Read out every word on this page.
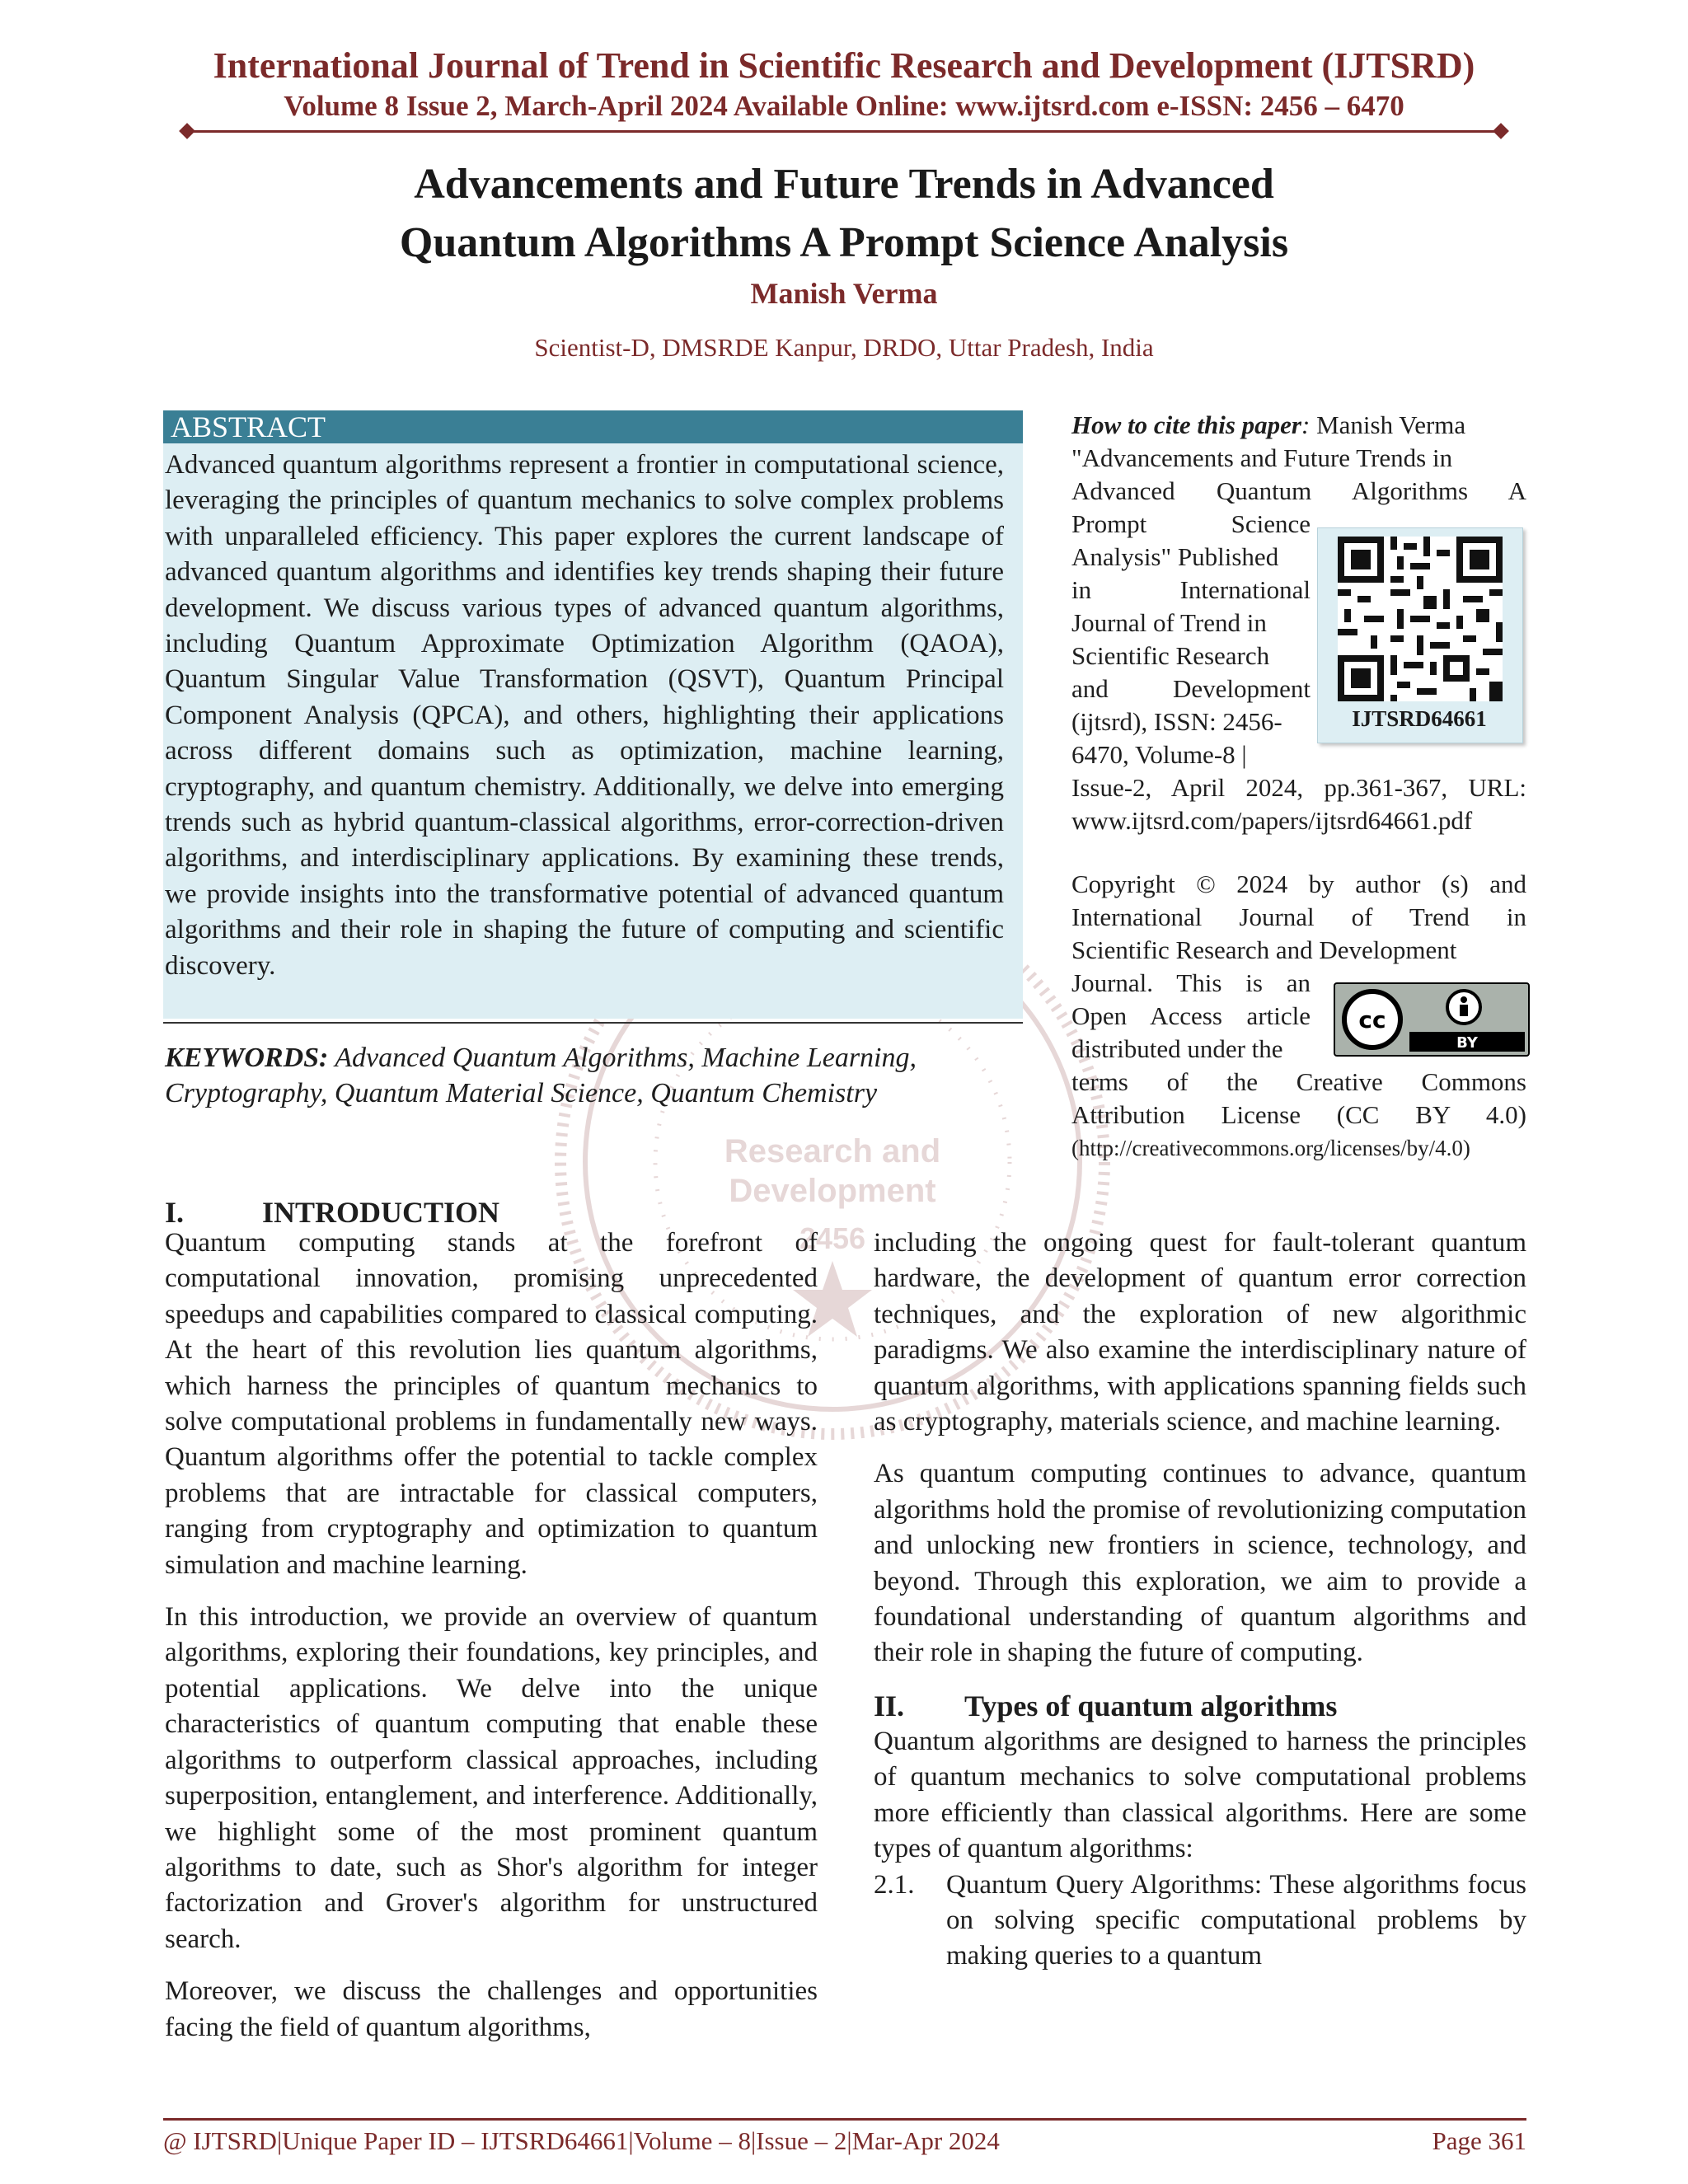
International Journal of Trend in Scientific Research and Development (IJTSRD)
Volume 8 Issue 2, March-April 2024 Available Online: www.ijtsrd.com e-ISSN: 2456 – 6470
Advancements and Future Trends in Advanced
Quantum Algorithms A Prompt Science Analysis
Manish Verma
Scientist-D, DMSRDE Kanpur, DRDO, Uttar Pradesh, India
Research and
Development
2456
ABSTRACT
Advanced quantum algorithms represent a frontier in computational science, leveraging the principles of quantum mechanics to solve complex problems with unparalleled efficiency. This paper explores the current landscape of advanced quantum algorithms and identifies key trends shaping their future development. We discuss various types of advanced quantum algorithms, including Quantum Approximate Optimization Algorithm (QAOA), Quantum Singular Value Transformation (QSVT), Quantum Principal Component Analysis (QPCA), and others, highlighting their applications across different domains such as optimization, machine learning, cryptography, and quantum chemistry. Additionally, we delve into emerging trends such as hybrid quantum-classical algorithms, error-correction-driven algorithms, and interdisciplinary applications. By examining these trends, we provide insights into the transformative potential of advanced quantum algorithms and their role in shaping the future of computing and scientific discovery.
KEYWORDS: Advanced Quantum Algorithms, Machine Learning, Cryptography, Quantum Material Science, Quantum Chemistry
How to cite this paper: Manish Verma
"Advancements and Future Trends in
Advanced Quantum Algorithms A
Prompt Science
Analysis" Published
in International
Journal of Trend in
Scientific Research
and Development
(ijtsrd), ISSN: 2456-
6470, Volume-8 |
Issue-2, April 2024, pp.361-367, URL: www.ijtsrd.com/papers/ijtsrd64661.pdf
IJTSRD64661
Copyright © 2024 by author (s) and
International Journal of Trend in
Scientific Research and Development
Journal. This is an
Open Access article
distributed under the
terms of the Creative Commons
Attribution License (CC BY 4.0)
(http://creativecommons.org/licenses/by/4.0)
cc
BY
I.	INTRODUCTION

Quantum computing stands at the forefront of computational innovation, promising unprecedented speedups and capabilities compared to classical computing. At the heart of this revolution lies quantum algorithms, which harness the principles of quantum mechanics to solve computational problems in fundamentally new ways. Quantum algorithms offer the potential to tackle complex problems that are intractable for classical computers, ranging from cryptography and optimization to quantum simulation and machine learning.

In this introduction, we provide an overview of quantum algorithms, exploring their foundations, key principles, and potential applications. We delve into the unique characteristics of quantum computing that enable these algorithms to outperform classical approaches, including superposition, entanglement, and interference. Additionally, we highlight some of the most prominent quantum algorithms to date, such as Shor's algorithm for integer factorization and Grover's algorithm for unstructured search.

Moreover, we discuss the challenges and opportunities facing the field of quantum algorithms,

including the ongoing quest for fault-tolerant quantum hardware, the development of quantum error correction techniques, and the exploration of new algorithmic paradigms. We also examine the interdisciplinary nature of quantum algorithms, with applications spanning fields such as cryptography, materials science, and machine learning.

As quantum computing continues to advance, quantum algorithms hold the promise of revolutionizing computation and unlocking new frontiers in science, technology, and beyond. Through this exploration, we aim to provide a foundational understanding of quantum algorithms and their role in shaping the future of computing.

II. Types of quantum algorithms

Quantum algorithms are designed to harness the principles of quantum mechanics to solve computational problems more efficiently than classical algorithms. Here are some types of quantum algorithms:

2.1.	Quantum Query Algorithms: These algorithms focus on solving specific computational problems by making queries to a quantum
@ IJTSRD | Unique Paper ID – IJTSRD64661 | Volume – 8 | Issue – 2 | Mar-Apr 2024	Page 361
